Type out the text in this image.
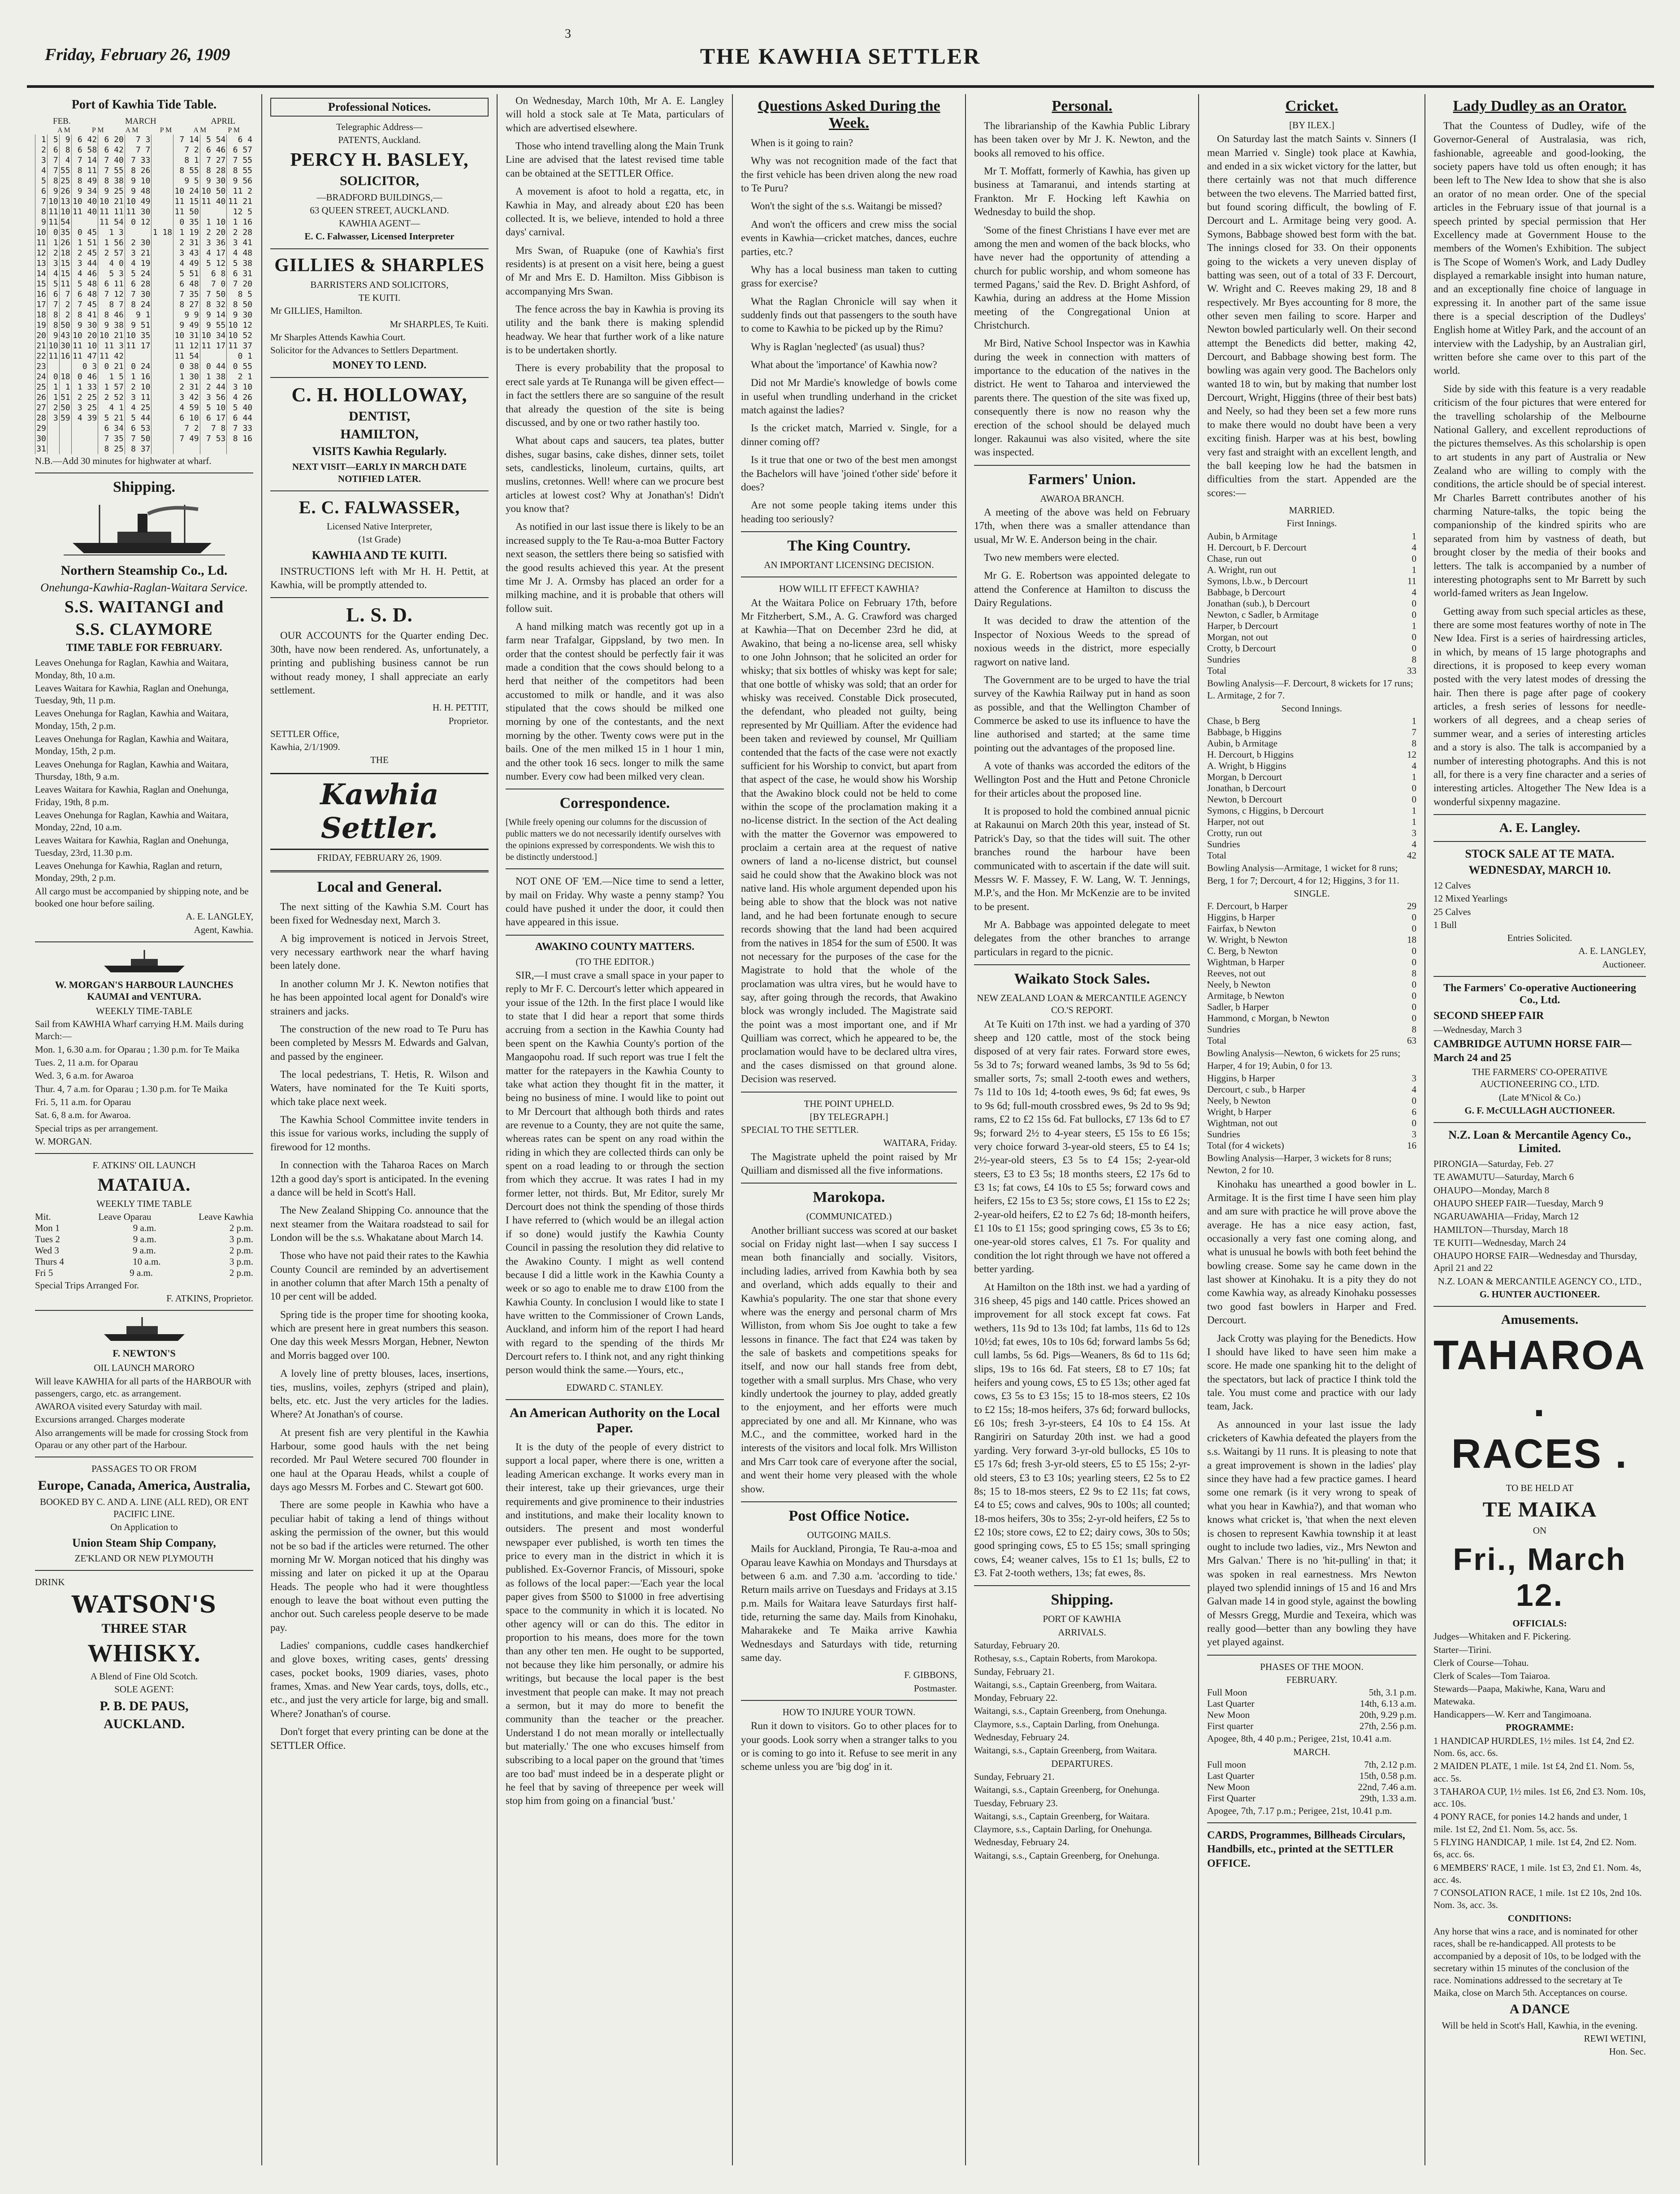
3
Friday, February 26, 1909	THE KAWHIA SETTLER
Port of Kawhia Tide Table.
FEB.	MARCH	APRIL
A M	P M	A M	P M	A M	P M
1	5	9	6 42	6 20	7 3		7 14	5 54	6 4
2	6	8	6 58	6 42	7 7		7 2	6 46	6 57
3	7	4	7 14	7 40	7 33		8 1	7 27	7 55
4	7	55	8 11	7 55	8 26		8 55	8 28	8 55
5	8	25	8 49	8 38	9 10		9 5	9 30	9 56
6	9	26	9 34	9 25	9 48		10 24	10 50	11 2
7	10	13	10 40	10 21	10 49		11 15	11 40	11 21
8	11	10	11 40	11 11	11 30		11 50		12 5
9	11	54		11 54	0 12		0 35	1 10	1 16
10	0	35	0 45	1 3		1 18	1 19	2 20	2 28
11	1	26	1 51	1 56	2 30		2 31	3 36	3 41
12	2	18	2 45	2 57	3 21		3 43	4 17	4 48
13	3	15	3 44	4 0	4 19		4 49	5 12	5 38
14	4	15	4 46	5 3	5 24		5 51	6 8	6 31
15	5	11	5 48	6 11	6 28		6 48	7 0	7 20
16	6	7	6 48	7 12	7 30		7 35	7 50	8 5
17	7	2	7 45	8 7	8 24		8 27	8 32	8 50
18	8	2	8 41	8 46	9 1		9 9	9 14	9 30
19	8	50	9 30	9 38	9 51		9 49	9 55	10 12
20	9	43	10 20	10 21	10 35		10 31	10 34	10 52
21	10	30	11 10	11 3	11 17		11 12	11 17	11 37
22	11	16	11 47	11 42			11 54		0 1
23			0 3	0 21	0 24		0 38	0 44	0 55
24	0	18	0 46	1 5	1 16		1 30	1 38	2 1
25	1	1	1 33	1 57	2 10		2 31	2 44	3 10
26	1	51	2 25	2 52	3 11		3 42	3 56	4 26
27	2	50	3 25	4 1	4 25		4 59	5 10	5 40
28	3	59	4 39	5 21	5 44		6 10	6 17	6 44
29				6 34	6 53		7 2	7 8	7 33
30				7 35	7 50		7 49	7 53	8 16
31				8 25	8 37				
N.B.—Add 30 minutes for highwater at wharf.
Shipping.
Northern Steamship Co., Ld.
Onehunga-Kawhia-Raglan-Waitara Service.
S.S. WAITANGI and
S.S. CLAYMORE
TIME TABLE FOR FEBRUARY.
Leaves Onehunga for Raglan, Kawhia and Waitara, Monday, 8th, 10 a.m.
Leaves Waitara for Kawhia, Raglan and Onehunga, Tuesday, 9th, 11 p.m.
Leaves Onehunga for Raglan, Kawhia and Waitara, Monday, 15th, 2 p.m.
Leaves Onehunga for Raglan, Kawhia and Waitara, Monday, 15th, 2 p.m.
Leaves Onehunga for Raglan, Kawhia and Waitara, Thursday, 18th, 9 a.m.
Leaves Waitara for Kawhia, Raglan and Onehunga, Friday, 19th, 8 p.m.
Leaves Onehunga for Raglan, Kawhia and Waitara, Monday, 22nd, 10 a.m.
Leaves Waitara for Kawhia, Raglan and Onehunga, Tuesday, 23rd, 11.30 p.m.
Leaves Onehunga for Kawhia, Raglan and return, Monday, 29th, 2 p.m.
All cargo must be accompanied by shipping note, and be booked one hour before sailing.
A. E. LANGLEY,
Agent, Kawhia.
W. MORGAN'S HARBOUR LAUNCHES KAUMAI and VENTURA.
WEEKLY TIME-TABLE
Sail from KAWHIA Wharf carrying H.M. Mails during March:—
Mon. 1, 6.30 a.m. for Oparau ; 1.30 p.m. for Te Maika
Tues. 2, 11 a.m. for Oparau
Wed. 3, 6 a.m. for Awaroa
Thur. 4, 7 a.m. for Oparau ; 1.30 p.m. for Te Maika
Fri. 5, 11 a.m. for Oparau
Sat. 6, 8 a.m. for Awaroa.
Special trips as per arrangement.
W. MORGAN.
F. ATKINS' OIL LAUNCH
MATAIUA.
WEEKLY TIME TABLE
Mit.	Leave Oparau	Leave Kawhia
Mon 1	9 a.m.	2 p.m.
Tues 2	9 a.m.	3 p.m.
Wed 3	9 a.m.	2 p.m.
Thurs 4	10 a.m.	3 p.m.
Fri 5	9 a.m.	2 p.m.
Special Trips Arranged For.
F. ATKINS, Proprietor.
F. NEWTON'S
OIL LAUNCH MARORO
Will leave KAWHIA for all parts of the HARBOUR with passengers, cargo, etc. as arrangement.
AWAROA visited every Saturday with mail.
Excursions arranged. Charges moderate
Also arrangements will be made for crossing Stock from Oparau or any other part of the Harbour.
PASSAGES TO OR FROM
Europe, Canada, America, Australia,
BOOKED BY C. AND A. LINE (ALL RED), OR ENT PACIFIC LINE.
On Application to
Union Steam Ship Company,
ZE'KLAND OR NEW PLYMOUTH
DRINK
WATSON'S
THREE STAR
WHISKY.
A Blend of Fine Old Scotch.
SOLE AGENT:
P. B. DE PAUS,
AUCKLAND.
Professional Notices.
Telegraphic Address—
PATENTS, Auckland.
PERCY H. BASLEY,
SOLICITOR,
—BRADFORD BUILDINGS,—
63 QUEEN STREET, AUCKLAND.
KAWHIA AGENT—
E. C. Falwasser, Licensed Interpreter
GILLIES & SHARPLES
BARRISTERS AND SOLICITORS,
TE KUITI.
Mr GILLIES, Hamilton.
Mr SHARPLES, Te Kuiti.
Mr Sharples Attends Kawhia Court.
Solicitor for the Advances to Settlers Department.
MONEY TO LEND.
C. H. HOLLOWAY,
DENTIST,
HAMILTON,
VISITS Kawhia Regularly.
NEXT VISIT—EARLY IN MARCH DATE NOTIFIED LATER.
E. C. FALWASSER,
Licensed Native Interpreter,
(1st Grade)
KAWHIA AND TE KUITI.
INSTRUCTIONS left with Mr H. H. Pettit, at Kawhia, will be promptly attended to.
L. S. D.
OUR ACCOUNTS for the Quarter ending Dec. 30th, have now been rendered. As, unfortunately, a printing and publishing business cannot be run without ready money, I shall appreciate an early settlement.
H. H. PETTIT,
Proprietor.
SETTLER Office,
Kawhia, 2/1/1909.
THE
Kawhia Settler.
FRIDAY, FEBRUARY 26, 1909.
Local and General.
The next sitting of the Kawhia S.M. Court has been fixed for Wednesday next, March 3.
A big improvement is noticed in Jervois Street, very necessary earthwork near the wharf having been lately done.
In another column Mr J. K. Newton notifies that he has been appointed local agent for Donald's wire strainers and jacks.
The construction of the new road to Te Puru has been completed by Messrs M. Edwards and Galvan, and passed by the engineer.
The local pedestrians, T. Hetis, R. Wilson and Waters, have nominated for the Te Kuiti sports, which take place next week.
The Kawhia School Committee invite tenders in this issue for various works, including the supply of firewood for 12 months.
In connection with the Taharoa Races on March 12th a good day's sport is anticipated. In the evening a dance will be held in Scott's Hall.
The New Zealand Shipping Co. announce that the next steamer from the Waitara roadstead to sail for London will be the s.s. Whakatane about March 14.
Those who have not paid their rates to the Kawhia County Council are reminded by an advertisement in another column that after March 15th a penalty of 10 per cent will be added.
Spring tide is the proper time for shooting kooka, which are present here in great numbers this season. One day this week Messrs Morgan, Hebner, Newton and Morris bagged over 100.
A lovely line of pretty blouses, laces, insertions, ties, muslins, voiles, zephyrs (striped and plain), belts, etc. etc. Just the very articles for the ladies. Where? At Jonathan's of course.
At present fish are very plentiful in the Kawhia Harbour, some good hauls with the net being recorded. Mr Paul Wetere secured 700 flounder in one haul at the Oparau Heads, whilst a couple of days ago Messrs M. Forbes and C. Stewart got 600.
There are some people in Kawhia who have a peculiar habit of taking a lend of things without asking the permission of the owner, but this would not be so bad if the articles were returned. The other morning Mr W. Morgan noticed that his dinghy was missing and later on picked it up at the Oparau Heads. The people who had it were thoughtless enough to leave the boat without even putting the anchor out. Such careless people deserve to be made pay.
Ladies' companions, cuddle cases handkerchief and glove boxes, writing cases, gents' dressing cases, pocket books, 1909 diaries, vases, photo frames, Xmas. and New Year cards, toys, dolls, etc., etc., and just the very article for large, big and small. Where? Jonathan's of course.
Don't forget that every printing can be done at the SETTLER Office.
On Wednesday, March 10th, Mr A. E. Langley will hold a stock sale at Te Mata, particulars of which are advertised elsewhere.
Those who intend travelling along the Main Trunk Line are advised that the latest revised time table can be obtained at the SETTLER Office.
A movement is afoot to hold a regatta, etc, in Kawhia in May, and already about £20 has been collected. It is, we believe, intended to hold a three days' carnival.
Mrs Swan, of Ruapuke (one of Kawhia's first residents) is at present on a visit here, being a guest of Mr and Mrs E. D. Hamilton. Miss Gibbison is accompanying Mrs Swan.
The fence across the bay in Kawhia is proving its utility and the bank there is making splendid headway. We hear that further work of a like nature is to be undertaken shortly.
There is every probability that the proposal to erect sale yards at Te Runanga will be given effect—in fact the settlers there are so sanguine of the result that already the question of the site is being discussed, and by one or two rather hastily too.
What about caps and saucers, tea plates, butter dishes, sugar basins, cake dishes, dinner sets, toilet sets, candlesticks, linoleum, curtains, quilts, art muslins, cretonnes. Well! where can we procure best articles at lowest cost? Why at Jonathan's! Didn't you know that?
As notified in our last issue there is likely to be an increased supply to the Te Rau-a-moa Butter Factory next season, the settlers there being so satisfied with the good results achieved this year. At the present time Mr J. A. Ormsby has placed an order for a milking machine, and it is probable that others will follow suit.
A hand milking match was recently got up in a farm near Trafalgar, Gippsland, by two men. In order that the contest should be perfectly fair it was made a condition that the cows should belong to a herd that neither of the competitors had been accustomed to milk or handle, and it was also stipulated that the cows should be milked one morning by one of the contestants, and the next morning by the other. Twenty cows were put in the bails. One of the men milked 15 in 1 hour 1 min, and the other took 16 secs. longer to milk the same number. Every cow had been milked very clean.
Correspondence.
[While freely opening our columns for the discussion of public matters we do not necessarily identify ourselves with the opinions expressed by correspondents. We wish this to be distinctly understood.]
NOT ONE OF 'EM.—Nice time to send a letter, by mail on Friday. Why waste a penny stamp? You could have pushed it under the door, it could then have appeared in this issue.
AWAKINO COUNTY MATTERS.
(TO THE EDITOR.)
SIR,—I must crave a small space in your paper to reply to Mr F. C. Dercourt's letter which appeared in your issue of the 12th. In the first place I would like to state that I did hear a report that some thirds accruing from a section in the Kawhia County had been spent on the Kawhia County's portion of the Mangaopohu road. If such report was true I felt the matter for the ratepayers in the Kawhia County to take what action they thought fit in the matter, it being no business of mine. I would like to point out to Mr Dercourt that although both thirds and rates are revenue to a County, they are not quite the same, whereas rates can be spent on any road within the riding in which they are collected thirds can only be spent on a road leading to or through the section from which they accrue. It was rates I had in my former letter, not thirds. But, Mr Editor, surely Mr Dercourt does not think the spending of those thirds I have referred to (which would be an illegal action if so done) would justify the Kawhia County Council in passing the resolution they did relative to the Awakino County. I might as well contend because I did a little work in the Kawhia County a week or so ago to enable me to draw £100 from the Kawhia County. In conclusion I would like to state I have written to the Commissioner of Crown Lands, Auckland, and inform him of the report I had heard with regard to the spending of the thirds Mr Dercourt refers to. I think not, and any right thinking person would think the same.—Yours, etc.,
EDWARD C. STANLEY.
An American Authority on the Local Paper.
It is the duty of the people of every district to support a local paper, where there is one, written a leading American exchange. It works every man in their interest, take up their grievances, urge their requirements and give prominence to their industries and institutions, and make their locality known to outsiders. The present and most wonderful newspaper ever published, is worth ten times the price to every man in the district in which it is published. Ex-Governor Francis, of Missouri, spoke as follows of the local paper:—'Each year the local paper gives from $500 to $1000 in free advertising space to the community in which it is located. No other agency will or can do this. The editor in proportion to his means, does more for the town than any other ten men. He ought to be supported, not because they like him personally, or admire his writings, but because the local paper is the best investment that people can make. It may not preach a sermon, but it may do more to benefit the community than the teacher or the preacher. Understand I do not mean morally or intellectually but materially.' The one who excuses himself from subscribing to a local paper on the ground that 'times are too bad' must indeed be in a desperate plight or he feel that by saving of threepence per week will stop him from going on a financial 'bust.'
Questions Asked During the Week.
When is it going to rain?
Why was not recognition made of the fact that the first vehicle has been driven along the new road to Te Puru?
Won't the sight of the s.s. Waitangi be missed?
And won't the officers and crew miss the social events in Kawhia—cricket matches, dances, euchre parties, etc.?
Why has a local business man taken to cutting grass for exercise?
What the Raglan Chronicle will say when it suddenly finds out that passengers to the south have to come to Kawhia to be picked up by the Rimu?
Why is Raglan 'neglected' (as usual) thus?
What about the 'importance' of Kawhia now?
Did not Mr Mardie's knowledge of bowls come in useful when trundling underhand in the cricket match against the ladies?
Is the cricket match, Married v. Single, for a dinner coming off?
Is it true that one or two of the best men amongst the Bachelors will have 'joined t'other side' before it does?
Are not some people taking items under this heading too seriously?
The King Country.
AN IMPORTANT LICENSING DECISION.
HOW WILL IT EFFECT KAWHIA?
At the Waitara Police on February 17th, before Mr Fitzherbert, S.M., A. G. Crawford was charged at Kawhia—That on December 23rd he did, at Awakino, that being a no-license area, sell whisky to one John Johnson; that he solicited an order for whisky; that six bottles of whisky was kept for sale; that one bottle of whisky was sold; that an order for whisky was received. Constable Dick prosecuted, the defendant, who pleaded not guilty, being represented by Mr Quilliam. After the evidence had been taken and reviewed by counsel, Mr Quilliam contended that the facts of the case were not exactly sufficient for his Worship to convict, but apart from that aspect of the case, he would show his Worship that the Awakino block could not be held to come within the scope of the proclamation making it a no-license district. In the section of the Act dealing with the matter the Governor was empowered to proclaim a certain area at the request of native owners of land a no-license district, but counsel said he could show that the Awakino block was not native land. His whole argument depended upon his being able to show that the block was not native land, and he had been fortunate enough to secure records showing that the land had been acquired from the natives in 1854 for the sum of £500. It was not necessary for the purposes of the case for the Magistrate to hold that the whole of the proclamation was ultra vires, but he would have to say, after going through the records, that Awakino block was wrongly included. The Magistrate said the point was a most important one, and if Mr Quilliam was correct, which he appeared to be, the proclamation would have to be declared ultra vires, and the cases dismissed on that ground alone. Decision was reserved.
THE POINT UPHELD.
[BY TELEGRAPH.]
SPECIAL TO THE SETTLER.
WAITARA, Friday.
The Magistrate upheld the point raised by Mr Quilliam and dismissed all the five informations.
Marokopa.
(COMMUNICATED.)
Another brilliant success was scored at our basket social on Friday night last—when I say success I mean both financially and socially. Visitors, including ladies, arrived from Kawhia both by sea and overland, which adds equally to their and Kawhia's popularity. The one star that shone every where was the energy and personal charm of Mrs Williston, from whom Sis Joe ought to take a few lessons in finance. The fact that £24 was taken by the sale of baskets and competitions speaks for itself, and now our hall stands free from debt, together with a small surplus. Mrs Chase, who very kindly undertook the journey to play, added greatly to the enjoyment, and her efforts were much appreciated by one and all. Mr Kinnane, who was M.C., and the committee, worked hard in the interests of the visitors and local folk. Mrs Williston and Mrs Carr took care of everyone after the social, and went their home very pleased with the whole show.
Post Office Notice.
OUTGOING MAILS.
Mails for Auckland, Pirongia, Te Rau-a-moa and Oparau leave Kawhia on Mondays and Thursdays at between 6 a.m. and 7.30 a.m. 'according to tide.' Return mails arrive on Tuesdays and Fridays at 3.15 p.m. Mails for Waitara leave Saturdays first half-tide, returning the same day. Mails from Kinohaku, Maharakeke and Te Maika arrive Kawhia Wednesdays and Saturdays with tide, returning same day.
F. GIBBONS,
Postmaster.
HOW TO INJURE YOUR TOWN.
Run it down to visitors. Go to other places for to your goods. Look sorry when a stranger talks to you or is coming to go into it. Refuse to see merit in any scheme unless you are 'big dog' in it.
Personal.
The librarianship of the Kawhia Public Library has been taken over by Mr J. K. Newton, and the books all removed to his office.
Mr T. Moffatt, formerly of Kawhia, has given up business at Tamaranui, and intends starting at Frankton. Mr F. Hocking left Kawhia on Wednesday to build the shop.
'Some of the finest Christians I have ever met are among the men and women of the back blocks, who have never had the opportunity of attending a church for public worship, and whom someone has termed Pagans,' said the Rev. D. Bright Ashford, of Kawhia, during an address at the Home Mission meeting of the Congregational Union at Christchurch.
Mr Bird, Native School Inspector was in Kawhia during the week in connection with matters of importance to the education of the natives in the district. He went to Taharoa and interviewed the parents there. The question of the site was fixed up, consequently there is now no reason why the erection of the school should be delayed much longer. Rakaunui was also visited, where the site was inspected.
Farmers' Union.
AWAROA BRANCH.
A meeting of the above was held on February 17th, when there was a smaller attendance than usual, Mr W. E. Anderson being in the chair.
Two new members were elected.
Mr G. E. Robertson was appointed delegate to attend the Conference at Hamilton to discuss the Dairy Regulations.
It was decided to draw the attention of the Inspector of Noxious Weeds to the spread of noxious weeds in the district, more especially ragwort on native land.
The Government are to be urged to have the trial survey of the Kawhia Railway put in hand as soon as possible, and that the Wellington Chamber of Commerce be asked to use its influence to have the line authorised and started; at the same time pointing out the advantages of the proposed line.
A vote of thanks was accorded the editors of the Wellington Post and the Hutt and Petone Chronicle for their articles about the proposed line.
It is proposed to hold the combined annual picnic at Rakaunui on March 20th this year, instead of St. Patrick's Day, so that the tides will suit. The other branches round the harbour have been communicated with to ascertain if the date will suit. Messrs W. F. Massey, F. W. Lang, W. T. Jennings, M.P.'s, and the Hon. Mr McKenzie are to be invited to be present.
Mr A. Babbage was appointed delegate to meet delegates from the other branches to arrange particulars in regard to the picnic.
Waikato Stock Sales.
NEW ZEALAND LOAN & MERCANTILE AGENCY CO.'S REPORT.
At Te Kuiti on 17th inst. we had a yarding of 370 sheep and 120 cattle, most of the stock being disposed of at very fair rates. Forward store ewes, 5s 3d to 7s; forward weaned lambs, 3s 9d to 5s 6d; smaller sorts, 7s; small 2-tooth ewes and wethers, 7s 11d to 10s 1d; 4-tooth ewes, 9s 6d; fat ewes, 9s to 9s 6d; full-mouth crossbred ewes, 9s 2d to 9s 9d; rams, £2 to £2 15s 6d. Fat bullocks, £7 13s 6d to £7 9s; forward 2½ to 4-year steers, £5 15s to £6 15s; very choice forward 3-year-old steers, £5 to £4 1s; 2½-year-old steers, £3 5s to £4 15s; 2-year-old steers, £3 to £3 5s; 18 months steers, £2 17s 6d to £3 1s; fat cows, £4 10s to £5 5s; forward cows and heifers, £2 15s to £3 5s; store cows, £1 15s to £2 2s; 2-year-old heifers, £2 to £2 7s 6d; 18-month heifers, £1 10s to £1 15s; good springing cows, £5 3s to £6; one-year-old stores calves, £1 7s. For quality and condition the lot right through we have not offered a better yarding.
At Hamilton on the 18th inst. we had a yarding of 316 sheep, 45 pigs and 140 cattle. Prices showed an improvement for all stock except fat cows. Fat wethers, 11s 9d to 13s 10d; fat lambs, 11s 6d to 12s 10½d; fat ewes, 10s to 10s 6d; forward lambs 5s 6d; cull lambs, 5s 6d. Pigs—Weaners, 8s 6d to 11s 6d; slips, 19s to 16s 6d. Fat steers, £8 to £7 10s; fat heifers and young cows, £5 to £5 13s; other aged fat cows, £3 5s to £3 15s; 15 to 18-mos steers, £2 10s to £2 15s; 18-mos heifers, 37s 6d; forward bullocks, £6 10s; fresh 3-yr-steers, £4 10s to £4 15s. At Rangiriri on Saturday 20th inst. we had a good yarding. Very forward 3-yr-old bullocks, £5 10s to £5 17s 6d; fresh 3-yr-old steers, £5 to £5 15s; 2-yr-old steers, £3 to £3 10s; yearling steers, £2 5s to £2 8s; 15 to 18-mos steers, £2 9s to £2 11s; fat cows, £4 to £5; cows and calves, 90s to 100s; all counted; 18-mos heifers, 30s to 35s; 2-yr-old heifers, £2 5s to £2 10s; store cows, £2 to £2; dairy cows, 30s to 50s; good springing cows, £5 to £5 15s; small springing cows, £4; weaner calves, 15s to £1 1s; bulls, £2 to £3. Fat 2-tooth wethers, 13s; fat ewes, 8s.
Shipping.
PORT OF KAWHIA
ARRIVALS.
Saturday, February 20.
Rothesay, s.s., Captain Roberts, from Marokopa.
Sunday, February 21.
Waitangi, s.s., Captain Greenberg, from Waitara.
Monday, February 22.
Waitangi, s.s., Captain Greenberg, from Onehunga.
Claymore, s.s., Captain Darling, from Onehunga.
Wednesday, February 24.
Waitangi, s.s., Captain Greenberg, from Waitara.
DEPARTURES.
Sunday, February 21.
Waitangi, s.s., Captain Greenberg, for Onehunga.
Tuesday, February 23.
Waitangi, s.s., Captain Greenberg, for Waitara.
Claymore, s.s., Captain Darling, for Onehunga.
Wednesday, February 24.
Waitangi, s.s., Captain Greenberg, for Onehunga.
Cricket.
[BY ILEX.]
On Saturday last the match Saints v. Sinners (I mean Married v. Single) took place at Kawhia, and ended in a six wicket victory for the latter, but there certainly was not that much difference between the two elevens. The Married batted first, but found scoring difficult, the bowling of F. Dercourt and L. Armitage being very good. A. Symons, Babbage showed best form with the bat. The innings closed for 33. On their opponents going to the wickets a very uneven display of batting was seen, out of a total of 33 F. Dercourt, W. Wright and C. Reeves making 29, 18 and 8 respectively. Mr Byes accounting for 8 more, the other seven men failing to score. Harper and Newton bowled particularly well. On their second attempt the Benedicts did better, making 42, Dercourt, and Babbage showing best form. The bowling was again very good. The Bachelors only wanted 18 to win, but by making that number lost Dercourt, Wright, Higgins (three of their best bats) and Neely, so had they been set a few more runs to make there would no doubt have been a very exciting finish. Harper was at his best, bowling very fast and straight with an excellent length, and the ball keeping low he had the batsmen in difficulties from the start. Appended are the scores:—
MARRIED.
First Innings.
Aubin, b Armitage	1
H. Dercourt, b F. Dercourt	4
Chase, run out	0
A. Wright, run out	1
Symons, l.b.w., b Dercourt	11
Babbage, b Dercourt	4
Jonathan (sub.), b Dercourt	0
Newton, c Sadler, b Armitage	0
Harper, b Dercourt	1
Morgan, not out	0
Crotty, b Dercourt	0
Sundries	8
Total	33
Bowling Analysis—F. Dercourt, 8 wickets for 17 runs; L. Armitage, 2 for 7.
Second Innings.
Chase, b Berg	1
Babbage, b Higgins	7
Aubin, b Armitage	8
H. Dercourt, b Higgins	12
A. Wright, b Higgins	4
Morgan, b Dercourt	1
Jonathan, b Dercourt	0
Newton, b Dercourt	0
Symons, c Higgins, b Dercourt	1
Harper, not out	1
Crotty, run out	3
Sundries	4
Total	42
Bowling Analysis—Armitage, 1 wicket for 8 runs; Berg, 1 for 7; Dercourt, 4 for 12; Higgins, 3 for 11.
SINGLE.
F. Dercourt, b Harper	29
Higgins, b Harper	0
Fairfax, b Newton	0
W. Wright, b Newton	18
C. Berg, b Newton	0
Wightman, b Harper	0
Reeves, not out	8
Neely, b Newton	0
Armitage, b Newton	0
Sadler, b Harper	0
Hammond, c Morgan, b Newton	0
Sundries	8
Total	63
Bowling Analysis—Newton, 6 wickets for 25 runs; Harper, 4 for 19; Aubin, 0 for 13.
Higgins, b Harper	3
Dercourt, c sub., b Harper	4
Neely, b Newton	0
Wright, b Harper	6
Wightman, not out	0
Sundries	3
Total (for 4 wickets)	16
Bowling Analysis—Harper, 3 wickets for 8 runs; Newton, 2 for 10.
Kinohaku has unearthed a good bowler in L. Armitage. It is the first time I have seen him play and am sure with practice he will prove above the average. He has a nice easy action, fast, occasionally a very fast one coming along, and what is unusual he bowls with both feet behind the bowling crease. Some say he came down in the last shower at Kinohaku. It is a pity they do not come Kawhia way, as already Kinohaku possesses two good fast bowlers in Harper and Fred. Dercourt.
Jack Crotty was playing for the Benedicts. How I should have liked to have seen him make a score. He made one spanking hit to the delight of the spectators, but lack of practice I think told the tale. You must come and practice with our lady team, Jack.
As announced in your last issue the lady cricketers of Kawhia defeated the players from the s.s. Waitangi by 11 runs. It is pleasing to note that a great improvement is shown in the ladies' play since they have had a few practice games. I heard some one remark (is it very wrong to speak of what you hear in Kawhia?), and that woman who knows what cricket is, 'that when the next eleven is chosen to represent Kawhia township it at least ought to include two ladies, viz., Mrs Newton and Mrs Galvan.' There is no 'hit-pulling' in that; it was spoken in real earnestness. Mrs Newton played two splendid innings of 15 and 16 and Mrs Galvan made 14 in good style, against the bowling of Messrs Gregg, Murdie and Texeira, which was really good—better than any bowling they have yet played against.
PHASES OF THE MOON.
FEBRUARY.
Full Moon	5th, 3.1 p.m.
Last Quarter	14th, 6.13 a.m.
New Moon	20th, 9.29 p.m.
First quarter	27th, 2.56 p.m.
Apogee, 8th, 4 40 p.m.; Perigee, 21st, 10.41 a.m.
MARCH.
Full moon	7th, 2.12 p.m.
Last Quarter	15th, 0.58 p.m.
New Moon	22nd, 7.46 a.m.
First Quarter	29th, 1.33 a.m.
Apogee, 7th, 7.17 p.m.; Perigee, 21st, 10.41 p.m.
CARDS, Programmes, Billheads Circulars, Handbills, etc., printed at the SETTLER OFFICE.
Lady Dudley as an Orator.
That the Countess of Dudley, wife of the Governor-General of Australasia, was rich, fashionable, agreeable and good-looking, the society papers have told us often enough; it has been left to The New Idea to show that she is also an orator of no mean order. One of the special articles in the February issue of that journal is a speech printed by special permission that Her Excellency made at Government House to the members of the Women's Exhibition. The subject is The Scope of Women's Work, and Lady Dudley displayed a remarkable insight into human nature, and an exceptionally fine choice of language in expressing it. In another part of the same issue there is a special description of the Dudleys' English home at Witley Park, and the account of an interview with the Ladyship, by an Australian girl, written before she came over to this part of the world.
Side by side with this feature is a very readable criticism of the four pictures that were entered for the travelling scholarship of the Melbourne National Gallery, and excellent reproductions of the pictures themselves. As this scholarship is open to art students in any part of Australia or New Zealand who are willing to comply with the conditions, the article should be of special interest. Mr Charles Barrett contributes another of his charming Nature-talks, the topic being the companionship of the kindred spirits who are separated from him by vastness of death, but brought closer by the media of their books and letters. The talk is accompanied by a number of interesting photographs sent to Mr Barrett by such world-famed writers as Jean Ingelow.
Getting away from such special articles as these, there are some most features worthy of note in The New Idea. First is a series of hairdressing articles, in which, by means of 15 large photographs and directions, it is proposed to keep every woman posted with the very latest modes of dressing the hair. Then there is page after page of cookery articles, a fresh series of lessons for needle-workers of all degrees, and a cheap series of summer wear, and a series of interesting articles and a story is also. The talk is accompanied by a number of interesting photographs. And this is not all, for there is a very fine character and a series of interesting articles. Altogether The New Idea is a wonderful sixpenny magazine.
A. E. Langley.
STOCK SALE AT TE MATA.
WEDNESDAY, MARCH 10.
12 Calves
12 Mixed Yearlings
25 Calves
1 Bull
Entries Solicited.
A. E. LANGLEY,
Auctioneer.
The Farmers' Co-operative Auctioneering Co., Ltd.
SECOND SHEEP FAIR
—Wednesday, March 3
CAMBRIDGE AUTUMN HORSE FAIR—March 24 and 25
THE FARMERS' CO-OPERATIVE AUCTIONEERING CO., LTD.
(Late M'Nicol & Co.)
G. F. McCULLAGH AUCTIONEER.
N.Z. Loan & Mercantile Agency Co., Limited.
PIRONGIA—Saturday, Feb. 27
TE AWAMUTU—Saturday, March 6
OHAUPO—Monday, March 8
OHAUPO SHEEP FAIR—Tuesday, March 9
NGARUAWAHIA—Friday, March 12
HAMILTON—Thursday, March 18
TE KUITI—Wednesday, March 24
OHAUPO HORSE FAIR—Wednesday and Thursday, April 21 and 22
N.Z. LOAN & MERCANTILE AGENCY CO., LTD.,
G. HUNTER AUCTIONEER.
Amusements.
TAHAROA .
RACES .
TO BE HELD AT
TE MAIKA
ON
Fri., March 12.
OFFICIALS:
Judges—Whitaken and F. Pickering.
Starter—Tirini.
Clerk of Course—Tohau.
Clerk of Scales—Tom Taiaroa.
Stewards—Paapa, Makiwhe, Kana, Waru and Matewaka.
Handicappers—W. Kerr and Tangimoana.
PROGRAMME:
1 HANDICAP HURDLES, 1½ miles. 1st £4, 2nd £2. Nom. 6s, acc. 6s.
2 MAIDEN PLATE, 1 mile. 1st £4, 2nd £1. Nom. 5s, acc. 5s.
3 TAHAROA CUP, 1½ miles. 1st £6, 2nd £3. Nom. 10s, acc. 10s.
4 PONY RACE, for ponies 14.2 hands and under, 1 mile. 1st £2, 2nd £1. Nom. 5s, acc. 5s.
5 FLYING HANDICAP, 1 mile. 1st £4, 2nd £2. Nom. 6s, acc. 6s.
6 MEMBERS' RACE, 1 mile. 1st £3, 2nd £1. Nom. 4s, acc. 4s.
7 CONSOLATION RACE, 1 mile. 1st £2 10s, 2nd 10s. Nom. 3s, acc. 3s.
CONDITIONS:
Any horse that wins a race, and is nominated for other races, shall be re-handicapped. All protests to be accompanied by a deposit of 10s, to be lodged with the secretary within 15 minutes of the conclusion of the race. Nominations addressed to the secretary at Te Maika, close on March 5th. Acceptances on course.
A DANCE
Will be held in Scott's Hall, Kawhia, in the evening.
REWI WETINI,
Hon. Sec.
